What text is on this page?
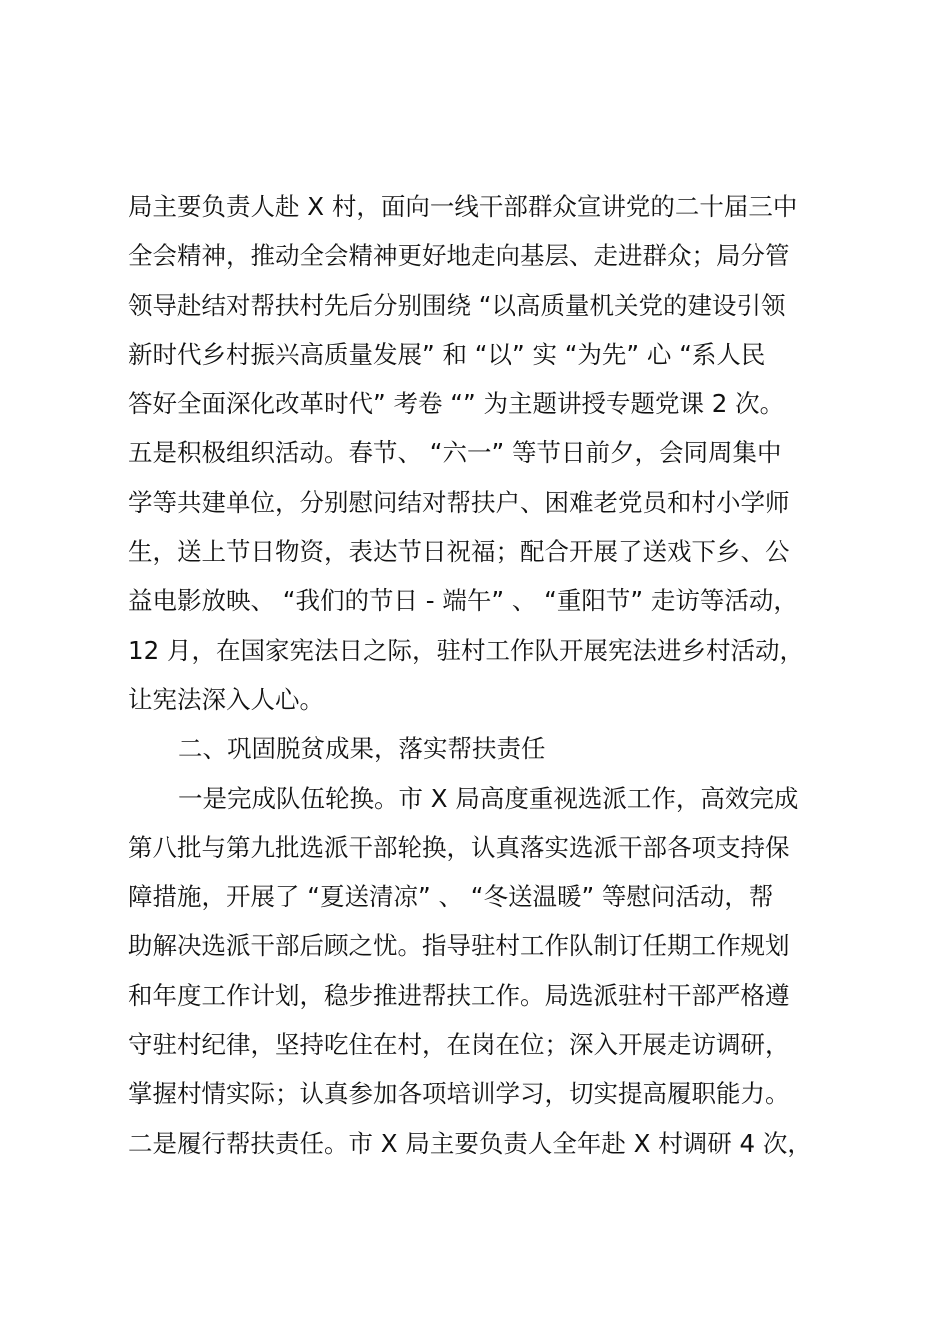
局主要负责人赴 X 村，面向一线干部群众宣讲党的二十届三中
全会精神，推动全会精神更好地走向基层、走进群众；局分管
领导赴结对帮扶村先后分别围绕 “以高质量机关党的建设引领
新时代乡村振兴高质量发展” 和 “以” 实 “为先” 心 “系人民
答好全面深化改革时代” 考卷 “” 为主题讲授专题党课 2 次。
五是积极组织活动。春节、 “六一” 等节日前夕，会同周集中
学等共建单位，分别慰问结对帮扶户、困难老党员和村小学师
生，送上节日物资，表达节日祝福；配合开展了送戏下乡、公
益电影放映、 “我们的节日 - 端午” 、 “重阳节” 走访等活动，
12 月，在国家宪法日之际，驻村工作队开展宪法进乡村活动，
让宪法深入人心。
二、巩固脱贫成果，落实帮扶责任
一是完成队伍轮换。市 X 局高度重视选派工作，高效完成
第八批与第九批选派干部轮换，认真落实选派干部各项支持保
障措施，开展了 “夏送清凉” 、 “冬送温暖” 等慰问活动，帮
助解决选派干部后顾之忧。指导驻村工作队制订任期工作规划
和年度工作计划，稳步推进帮扶工作。局选派驻村干部严格遵
守驻村纪律，坚持吃住在村，在岗在位；深入开展走访调研，
掌握村情实际；认真参加各项培训学习，切实提高履职能力。
二是履行帮扶责任。市 X 局主要负责人全年赴 X 村调研 4 次，
